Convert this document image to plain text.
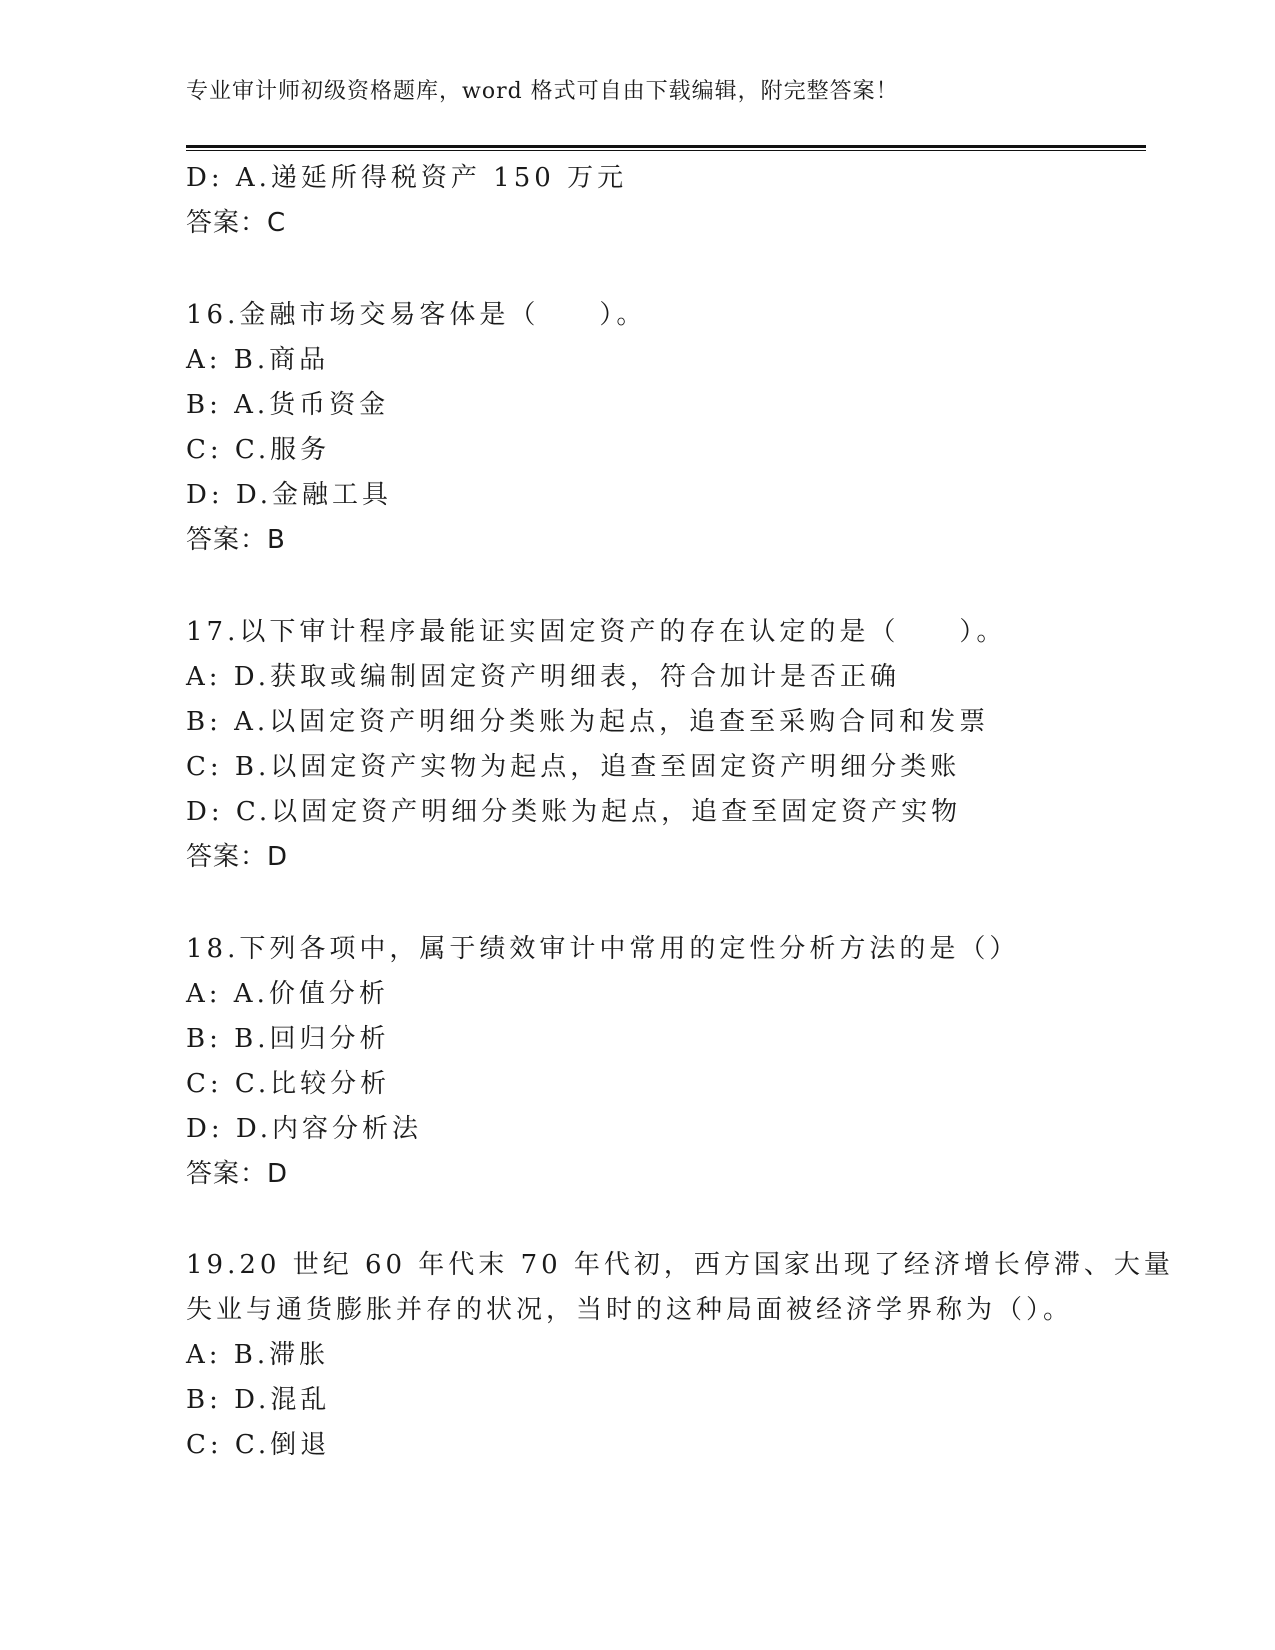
专业审计师初级资格题库，word 格式可自由下载编辑，附完整答案！
D: A.递延所得税资产 150 万元
答案：C
16.金融市场交易客体是（　　）。
A: B.商品
B: A.货币资金
C: C.服务
D: D.金融工具
答案：B
17.以下审计程序最能证实固定资产的存在认定的是（　　）。
A: D.获取或编制固定资产明细表，符合加计是否正确
B: A.以固定资产明细分类账为起点，追查至采购合同和发票
C: B.以固定资产实物为起点，追查至固定资产明细分类账
D: C.以固定资产明细分类账为起点，追查至固定资产实物
答案：D
18.下列各项中，属于绩效审计中常用的定性分析方法的是（）
A: A.价值分析
B: B.回归分析
C: C.比较分析
D: D.内容分析法
答案：D
19.20 世纪 60 年代末 70 年代初，西方国家出现了经济增长停滞、大量
失业与通货膨胀并存的状况，当时的这种局面被经济学界称为（）。
A: B.滞胀
B: D.混乱
C: C.倒退
